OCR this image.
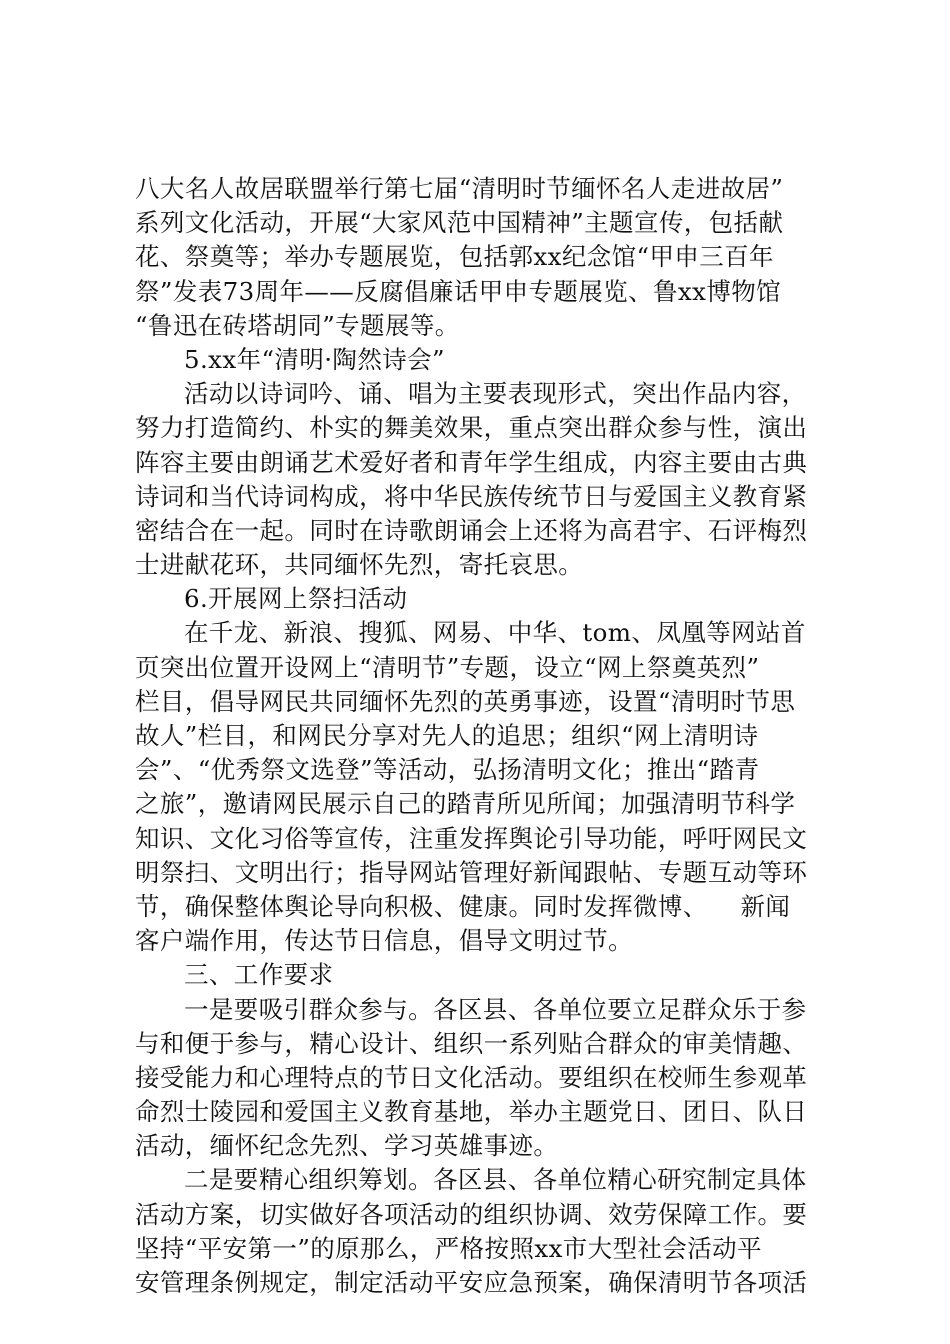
八大名人故居联盟举行第七届“清明时节缅怀名人走进故居”
系列文化活动，开展“大家风范中国精神”主题宣传，包括献
花、祭奠等；举办专题展览，包括郭xx纪念馆“甲申三百年
祭”发表73周年——反腐倡廉话甲申专题展览、鲁xx博物馆
“鲁迅在砖塔胡同”专题展等。
5.xx年“清明·陶然诗会”
活动以诗词吟、诵、唱为主要表现形式，突出作品内容，
努力打造简约、朴实的舞美效果，重点突出群众参与性，演出
阵容主要由朗诵艺术爱好者和青年学生组成，内容主要由古典
诗词和当代诗词构成，将中华民族传统节日与爱国主义教育紧
密结合在一起。同时在诗歌朗诵会上还将为高君宇、石评梅烈
士进献花环，共同缅怀先烈，寄托哀思。
6.开展网上祭扫活动
在千龙、新浪、搜狐、网易、中华、tom、凤凰等网站首
页突出位置开设网上“清明节”专题，设立“网上祭奠英烈”
栏目，倡导网民共同缅怀先烈的英勇事迹，设置“清明时节思
故人”栏目，和网民分享对先人的追思；组织“网上清明诗
会”、“优秀祭文选登”等活动，弘扬清明文化；推出“踏青
之旅”，邀请网民展示自己的踏青所见所闻；加强清明节科学
知识、文化习俗等宣传，注重发挥舆论引导功能，呼吁网民文
明祭扫、文明出行；指导网站管理好新闻跟帖、专题互动等环
节，确保整体舆论导向积极、健康。同时发挥微博、    新闻
客户端作用，传达节日信息，倡导文明过节。
三、工作要求
一是要吸引群众参与。各区县、各单位要立足群众乐于参
与和便于参与，精心设计、组织一系列贴合群众的审美情趣、
接受能力和心理特点的节日文化活动。要组织在校师生参观革
命烈士陵园和爱国主义教育基地，举办主题党日、团日、队日
活动，缅怀纪念先烈、学习英雄事迹。
二是要精心组织筹划。各区县、各单位精心研究制定具体
活动方案，切实做好各项活动的组织协调、效劳保障工作。要
坚持“平安第一”的原那么，严格按照xx市大型社会活动平
安管理条例规定，制定活动平安应急预案，确保清明节各项活
